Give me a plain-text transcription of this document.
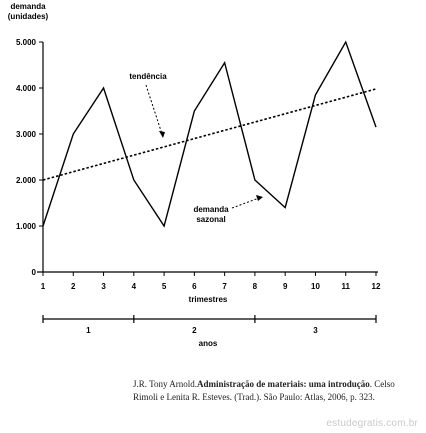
demanda
(unidades)
0
1.000
2.000
3.000
4.000
5.000
1	2	3	4	5	6	7	8	9	10	11	12
trimestres
1	2	3
anos
tendência
demanda
sazonal
J.R. Tony Arnold.Administração de materiais: uma introdução. Celso Rimoli e Lenita R. Esteves. (Trad.). São Paulo: Atlas, 2006, p. 323.
estudegratis.com.br
